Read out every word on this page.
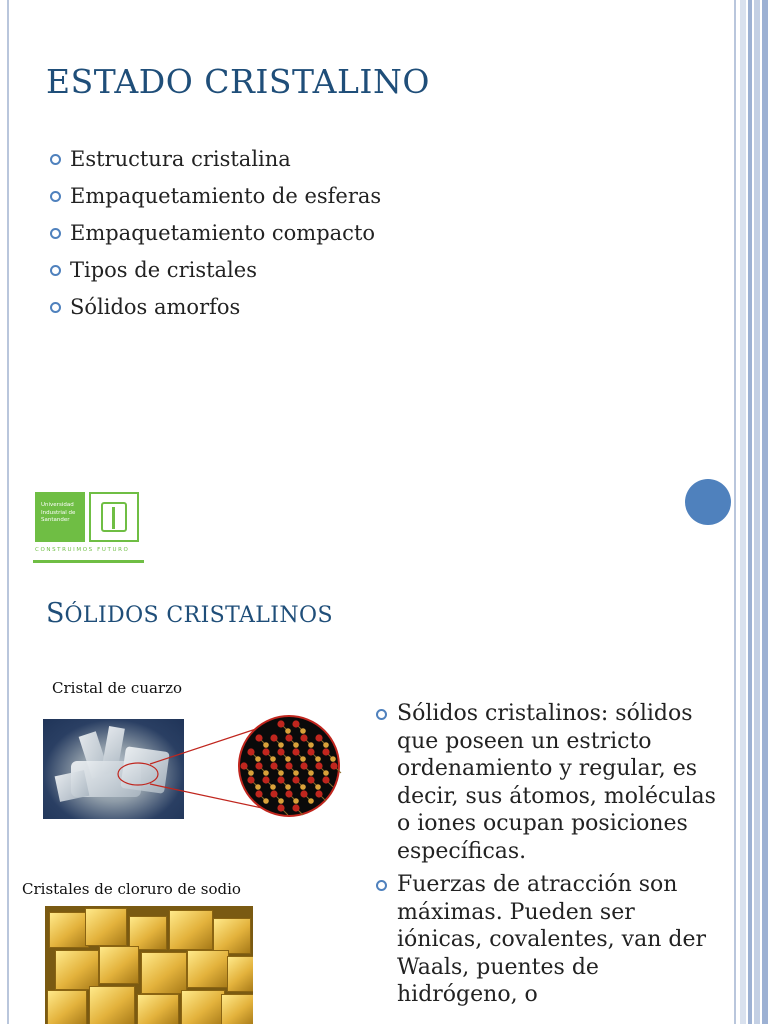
ESTADO CRISTALINO
Estructura cristalina
Empaquetamiento de esferas
Empaquetamiento compacto
Tipos de cristales
Sólidos amorfos
Universidad
Industrial de
Santander
CONSTRUIMOS FUTURO
SÓLIDOS CRISTALINOS
Cristal de cuarzo
Cristales de cloruro de sodio
Sólidos cristalinos: sólidos que poseen un estricto ordenamiento y regular, es decir, sus átomos, moléculas o iones ocupan posiciones específicas.
Fuerzas de atracción son máximas. Pueden ser iónicas, covalentes, van der Waals, puentes de hidrógeno, o
